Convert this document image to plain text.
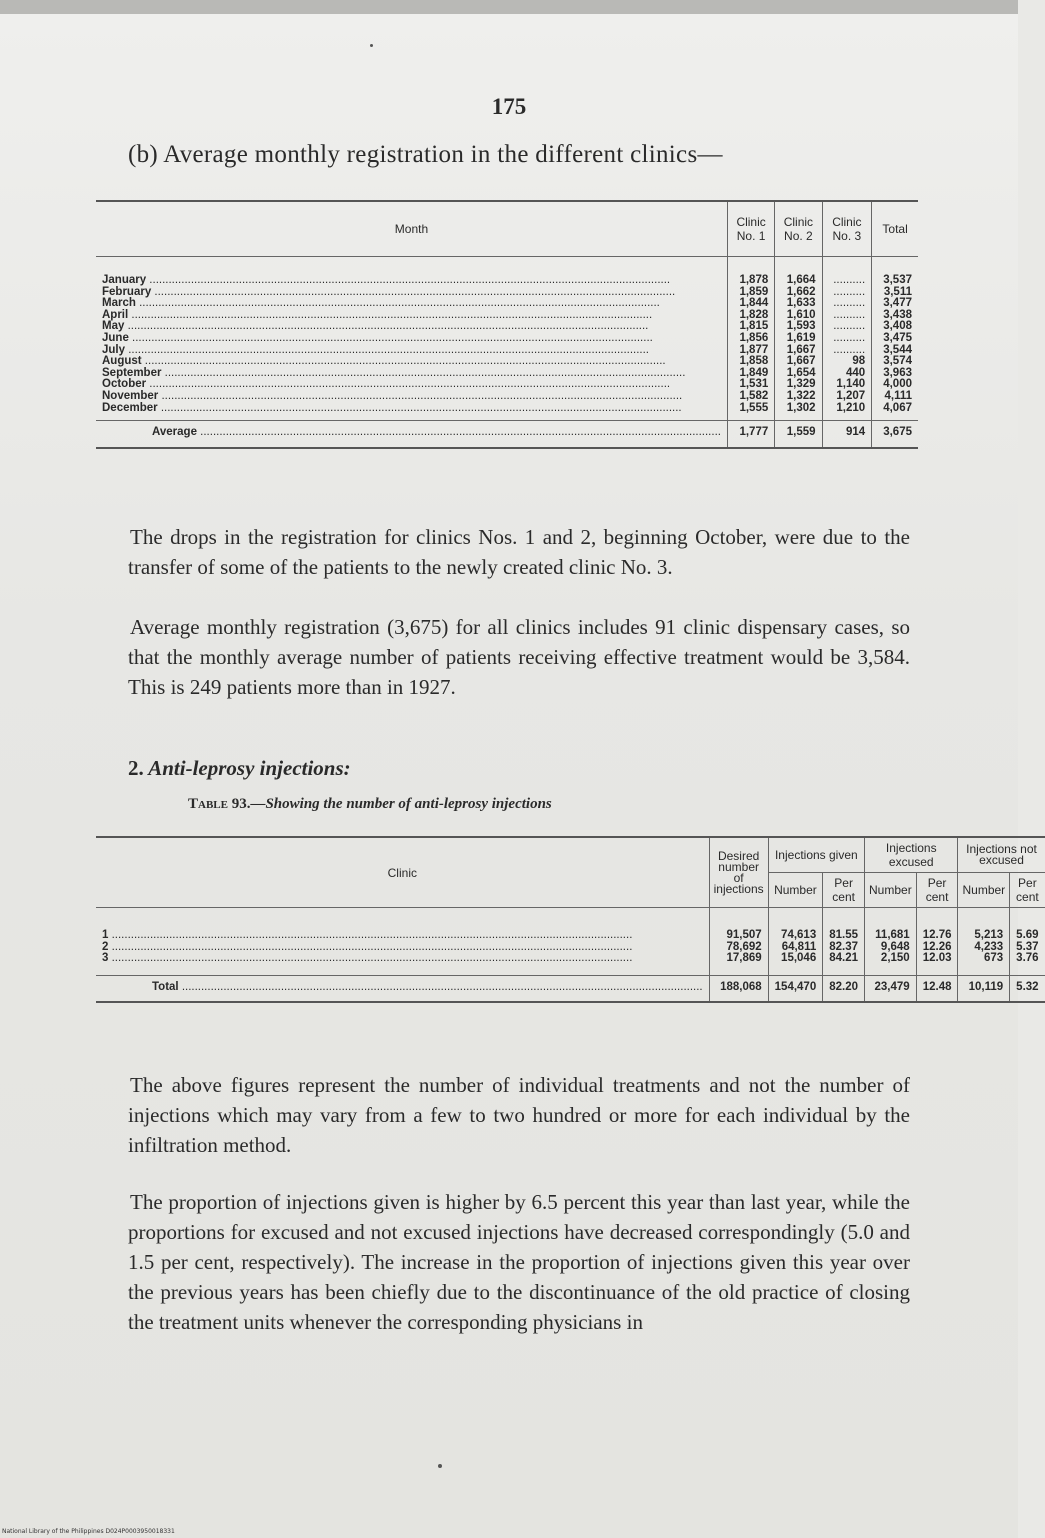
175
(b) Average monthly registration in the different clinics—
Month	Clinic No. 1	Clinic No. 2	Clinic No. 3	Total
January .....	1,878	1,664	..........	3,537
February .....	1,859	1,662	..........	3,511
March .....	1,844	1,633	..........	3,477
April .....	1,828	1,610	..........	3,438
May .....	1,815	1,593	..........	3,408
June .....	1,856	1,619	..........	3,475
July .....	1,877	1,667	..........	3,544
August .....	1,858	1,667	98	3,574
September .....	1,849	1,654	440	3,963
October .....	1,531	1,329	1,140	4,000
November .....	1,582	1,322	1,207	4,111
December .....	1,555	1,302	1,210	4,067
Average .....	1,777	1,559	914	3,675
The drops in the registration for clinics Nos. 1 and 2, beginning October, were due to the transfer of some of the patients to the newly created clinic No. 3.
Average monthly registration (3,675) for all clinics includes 91 clinic dispensary cases, so that the monthly average number of patients receiving effective treatment would be 3,584. This is 249 patients more than in 1927.
2. Anti-leprosy injections:
Table 93.—Showing the number of anti-leprosy injections
Clinic	Desired number of injections	Injections given		Injections excused		Injections not excused	
		Number	Per cent	Number	Per cent	Number	Per cent
1 .....	91,507	74,613	81.55	11,681	12.76	5,213	5.69
2 .....	78,692	64,811	82.37	9,648	12.26	4,233	5.37
3 .....	17,869	15,046	84.21	2,150	12.03	673	3.76
Total .....	188,068	154,470	82.20	23,479	12.48	10,119	5.32
The above figures represent the number of individual treatments and not the number of injections which may vary from a few to two hundred or more for each individual by the infiltration method.
The proportion of injections given is higher by 6.5 percent this year than last year, while the proportions for excused and not excused injections have decreased correspondingly (5.0 and 1.5 per cent, respectively). The increase in the proportion of injections given this year over the previous years has been chiefly due to the discontinuance of the old practice of closing the treatment units whenever the corresponding physicians in
National Library of the Philippines D024P0003950018331
